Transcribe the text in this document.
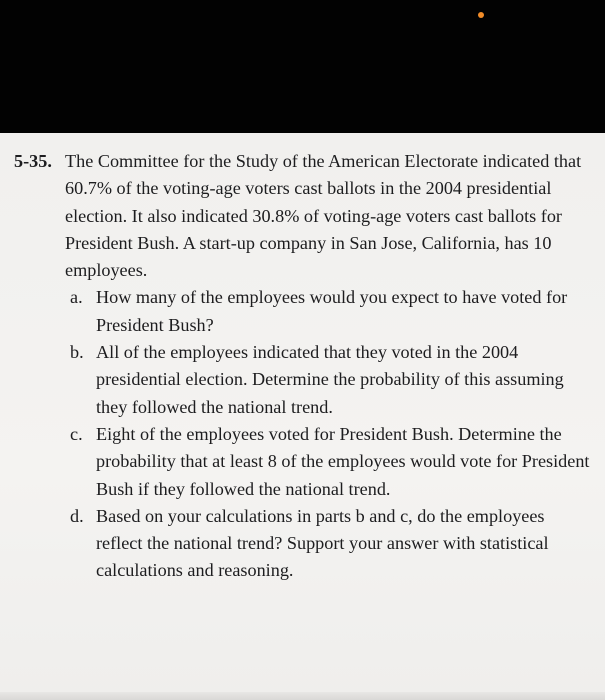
5-35. The Committee for the Study of the American Electorate indicated that 60.7% of the voting-age voters cast ballots in the 2004 presidential election. It also indicated 30.8% of voting-age voters cast ballots for President Bush. A start-up company in San Jose, California, has 10 employees.

a. How many of the employees would you expect to have voted for President Bush?
b. All of the employees indicated that they voted in the 2004 presidential election. Determine the probability of this assuming they followed the national trend.
c. Eight of the employees voted for President Bush. Determine the probability that at least 8 of the employees would vote for President Bush if they followed the national trend.
d. Based on your calculations in parts b and c, do the employees reflect the national trend? Support your answer with statistical calculations and reasoning.
